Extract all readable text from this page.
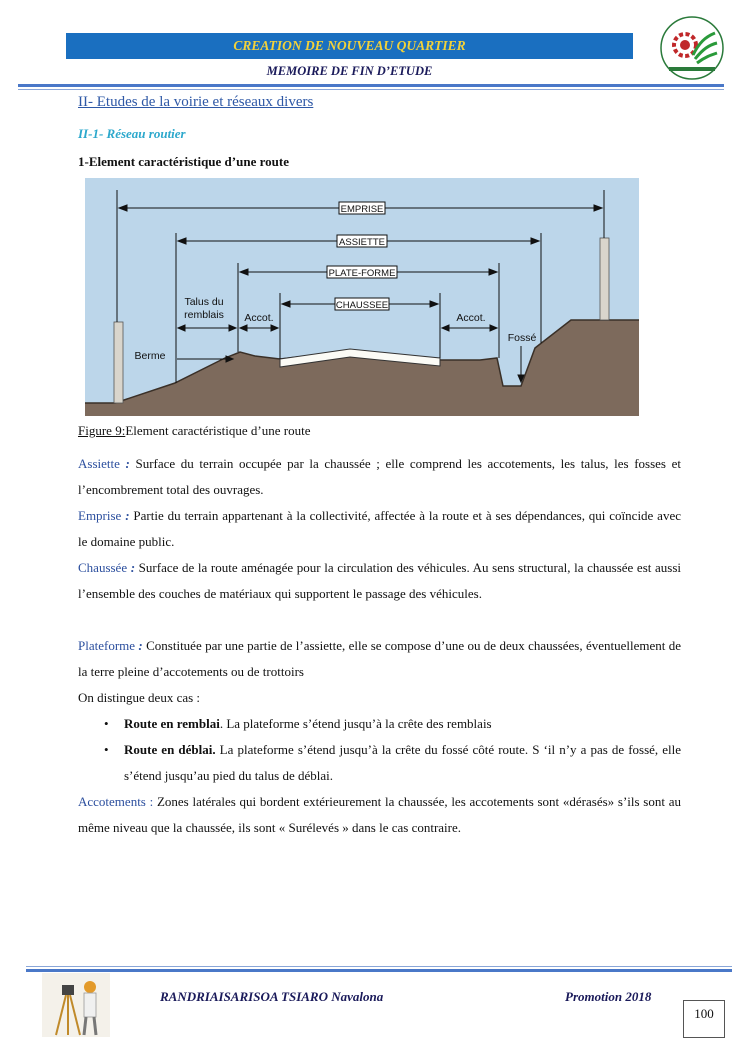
CREATION DE NOUVEAU QUARTIER
MEMOIRE DE FIN D’ETUDE
II- Etudes de la voirie et réseaux divers
II-1- Réseau routier
1-Element caractéristique d’une route
EMPRISE
ASSIETTE
PLATE-FORME
CHAUSSEE
Talus du
remblais Accot.	Accot.
Fossé
Berme
Figure 9:Element caractéristique d’une route
Assiette : Surface du terrain occupée par la chaussée ; elle comprend les accotements, les talus, les fosses et l’encombrement total des ouvrages.
Emprise : Partie du terrain appartenant à la collectivité, affectée à la route et à ses dépendances, qui coïncide avec le domaine public.
Chaussée : Surface de la route aménagée pour la circulation des véhicules. Au sens structural, la chaussée est aussi l’ensemble des couches de matériaux qui supportent le passage des véhicules.
Plateforme : Constituée par une partie de l’assiette, elle se compose d’une ou de deux chaussées, éventuellement de la terre pleine d’accotements ou de trottoirs
On distingue deux cas :
• Route en remblai. La plateforme s’étend jusqu’à la crête des remblais
• Route en déblai. La plateforme s’étend jusqu’à la crête du fossé côté route. S ‘il n’y a pas de fossé, elle s’étend jusqu’au pied du talus de déblai.
Accotements : Zones latérales qui bordent extérieurement la chaussée, les accotements sont «dérasés» s’ils sont au même niveau que la chaussée, ils sont « Surélevés » dans le cas contraire.
RANDRIAISARISOA TSIARO Navalona	Promotion 2018
100
